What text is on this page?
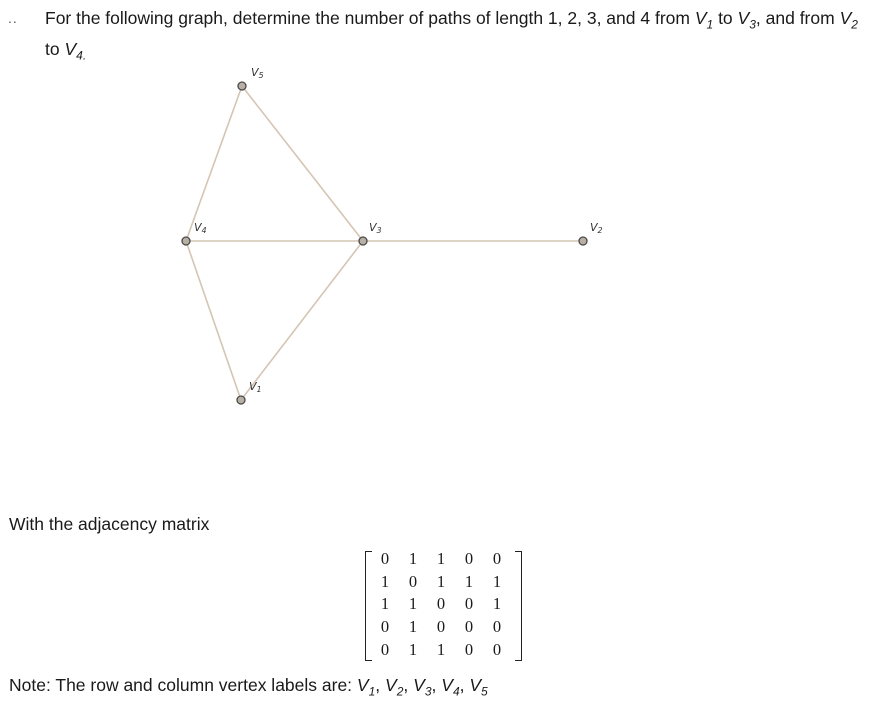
.. For the following graph, determine the number of paths of length 1, 2, 3, and 4 from $V_1$ to $V_3$, and from $V_2$ to $V_{4.}$
V5
V4	V3	V2
V1
With the adjacency matrix
0	1	1	0	0
1	0	1	1	1
1	1	0	0	1
0	1	0	0	0
0	1	1	0	0
Note: The row and column vertex labels are: $V_1$, $V_2$, $V_3$, $V_4$, $V_5$
